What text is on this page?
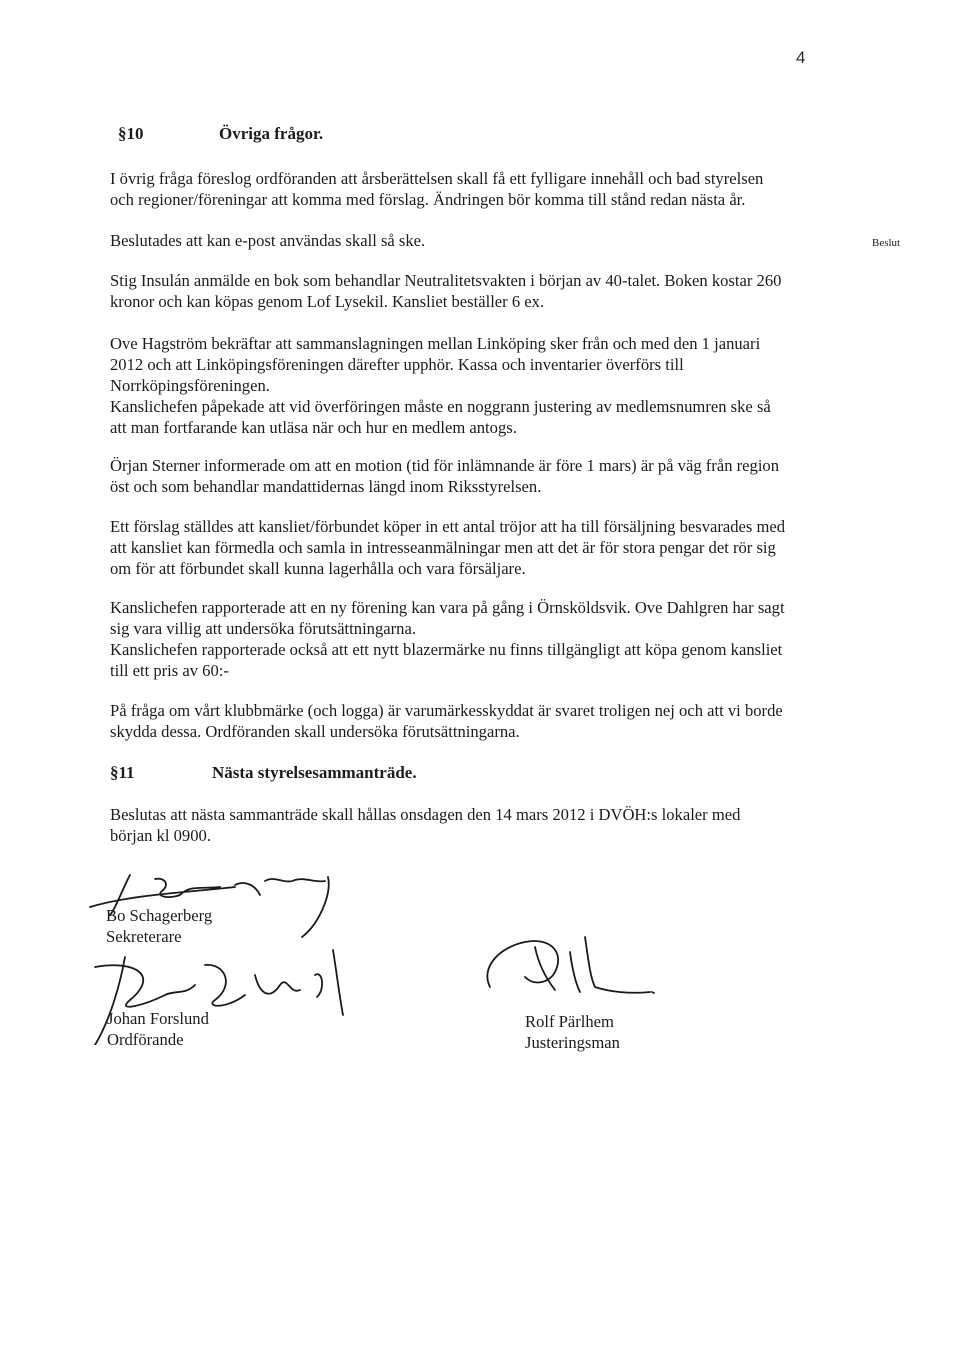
4
§10	Övriga frågor.
I övrig fråga föreslog ordföranden att årsberättelsen skall få ett fylligare innehåll och bad styrelsen
och regioner/föreningar att komma med förslag. Ändringen bör komma till stånd redan nästa år.
Beslutades att kan e-post användas skall så ske.	Beslut
Stig Insulán anmälde en bok som behandlar Neutralitetsvakten i början av 40-talet. Boken kostar 260
kronor och kan köpas genom Lof Lysekil. Kansliet beställer 6 ex.
Ove Hagström bekräftar att sammanslagningen mellan Linköping sker från och med den 1 januari
2012 och att Linköpingsföreningen därefter upphör. Kassa och inventarier överförs till
Norrköpingsföreningen.
Kanslichefen påpekade att vid överföringen måste en noggrann justering av medlemsnumren ske så
att man fortfarande kan utläsa när och hur en medlem antogs.
Örjan Sterner informerade om att en motion (tid för inlämnande är före 1 mars) är på väg från region
öst och som behandlar mandattidernas längd inom Riksstyrelsen.
Ett förslag ställdes att kansliet/förbundet köper in ett antal tröjor att ha till försäljning besvarades med
att kansliet kan förmedla och samla in intresseanmälningar men att det är för stora pengar det rör sig
om för att förbundet skall kunna lagerhålla och vara försäljare.
Kanslichefen rapporterade att en ny förening kan vara på gång i Örnsköldsvik. Ove Dahlgren har sagt
sig vara villig att undersöka förutsättningarna.
Kanslichefen rapporterade också att ett nytt blazermärke nu finns tillgängligt att köpa genom kansliet
till ett pris av 60:-
På fråga om vårt klubbmärke (och logga) är varumärkesskyddat är svaret troligen nej och att vi borde
skydda dessa. Ordföranden skall undersöka förutsättningarna.
§11	Nästa styrelsesammanträde.
Beslutas att nästa sammanträde skall hållas onsdagen den 14 mars 2012 i DVÖH:s lokaler med
början kl 0900.
Bo Schagerberg
Sekreterare
Johan Forslund
Ordförande
Rolf Pärlhem
Justeringsman
